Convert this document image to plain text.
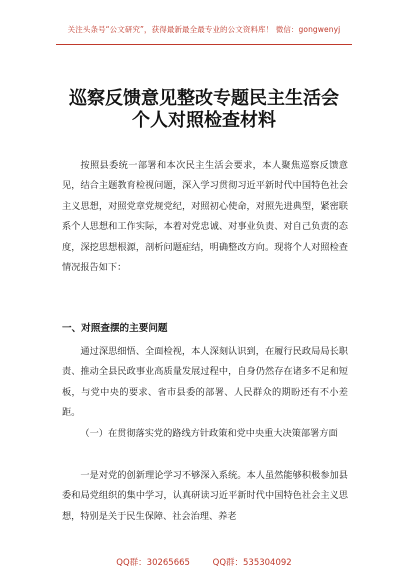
关注头条号“公文研究”，获得最新最全最专业的公文资料库！ 微信：gongwenyj
巡察反馈意见整改专题民主生活会
个人对照检查材料
按照县委统一部署和本次民主生活会要求，本人聚焦巡察反馈意见，结合主题教育检视问题，深入学习贯彻习近平新时代中国特色社会主义思想，对照党章党规党纪，对照初心使命，对照先进典型，紧密联系个人思想和工作实际，本着对党忠诚、对事业负责、对自己负责的态度，深挖思想根源，剖析问题症结，明确整改方向。现将个人对照检查情况报告如下：
一、对照查摆的主要问题
通过深思细悟、全面检视，本人深刻认识到，在履行民政局局长职责、推动全县民政事业高质量发展过程中，自身仍然存在诸多不足和短板，与党中央的要求、省市县委的部署、人民群众的期盼还有不小差距。
（一）在贯彻落实党的路线方针政策和党中央重大决策部署方面
一是对党的创新理论学习不够深入系统。本人虽然能够积极参加县委和局党组织的集中学习，认真研读习近平新时代中国特色社会主义思想，特别是关于民生保障、社会治理、养老
QQ群：30265665	QQ群：535304092
